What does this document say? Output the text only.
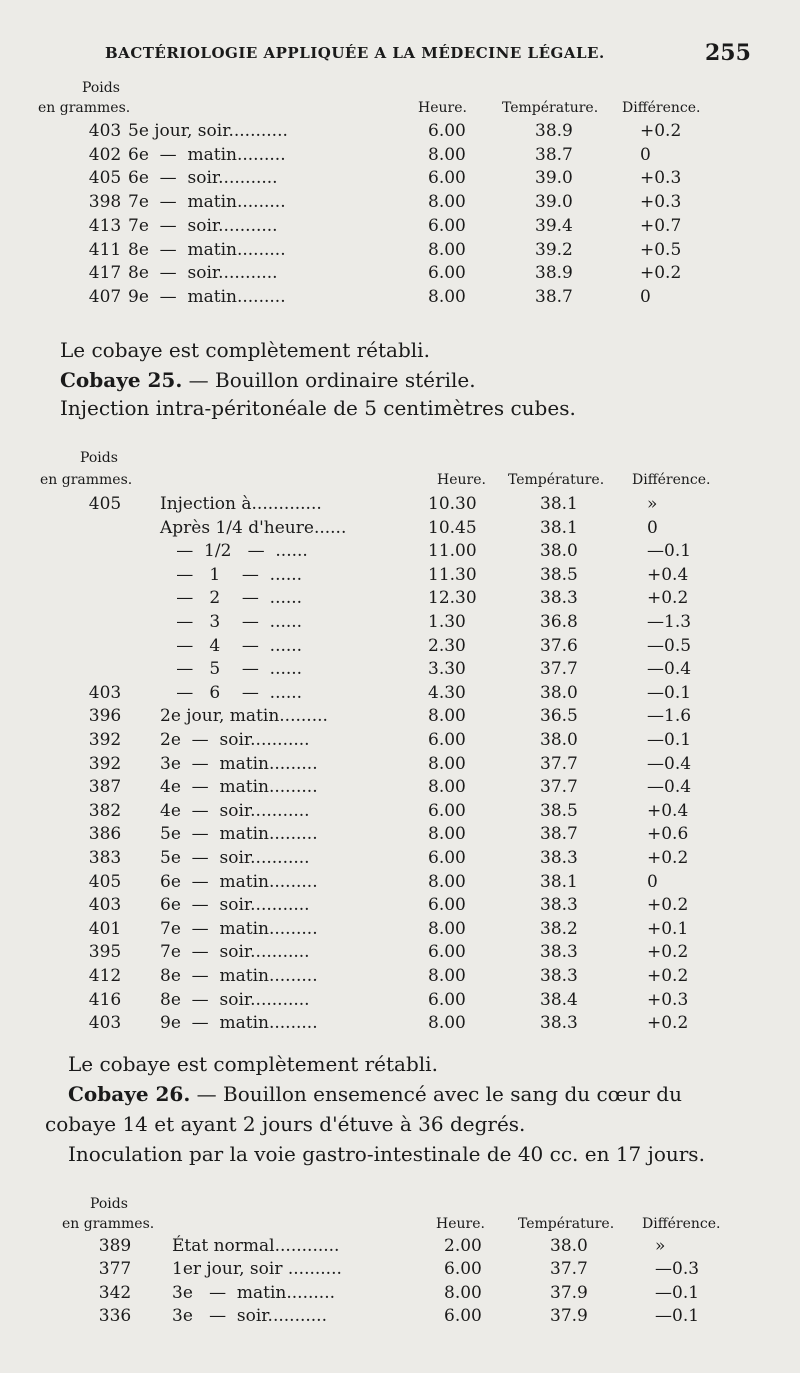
BACTÉRIOLOGIE APPLIQUÉE A LA MÉDECINE LÉGALE.	255
Poids
en grammes.	Heure.	Température. Différence.
403 5e jour, soir...........	6.00	38.9	+0.2
402 6e  —  matin.........	8.00	38.7	0
405 6e  —  soir...........	6.00	39.0	+0.3
398 7e  —  matin.........	8.00	39.0	+0.3
413 7e  —  soir...........	6.00	39.4	+0.7
411 8e  —  matin.........	8.00	39.2	+0.5
417 8e  —  soir...........	6.00	38.9	+0.2
407 9e  —  matin.........	8.00	38.7	0
Le cobaye est complètement rétabli.
Cobaye 25. — Bouillon ordinaire stérile.
Injection intra-péritonéale de 5 centimètres cubes.
Poids
en grammes.	Heure. Température. Différence.
405	Injection à.............	10.30	38.1	»
Après 1/4 d'heure......	10.45	38.1	0
—  1/2   —  ......	11.00	38.0	—0.1
—   1    —  ......	11.30	38.5	+0.4
—   2    —  ......	12.30	38.3	+0.2
—   3    —  ......	1.30	36.8	—1.3
—   4    —  ......	2.30	37.6	—0.5
—   5    —  ......	3.30	37.7	—0.4
403	—   6    —  ......	4.30	38.0	—0.1
396	2e jour, matin.........	8.00	36.5	—1.6
392	2e  —  soir...........	6.00	38.0	—0.1
392	3e  —  matin.........	8.00	37.7	—0.4
387	4e  —  matin.........	8.00	37.7	—0.4
382	4e  —  soir...........	6.00	38.5	+0.4
386	5e  —  matin.........	8.00	38.7	+0.6
383	5e  —  soir...........	6.00	38.3	+0.2
405	6e  —  matin.........	8.00	38.1	0
403	6e  —  soir...........	6.00	38.3	+0.2
401	7e  —  matin.........	8.00	38.2	+0.1
395	7e  —  soir...........	6.00	38.3	+0.2
412	8e  —  matin.........	8.00	38.3	+0.2
416	8e  —  soir...........	6.00	38.4	+0.3
403	9e  —  matin.........	8.00	38.3	+0.2
Le cobaye est complètement rétabli.
Cobaye 26. — Bouillon ensemencé avec le sang du cœur du
cobaye 14 et ayant 2 jours d'étuve à 36 degrés.
Inoculation par la voie gastro-intestinale de 40 cc. en 17 jours.
Poids
en grammes.	Heure. Température. Différence.
389	État normal............	2.00	38.0	»
377	1er jour, soir ..........	6.00	37.7	—0.3
342	3e   —  matin.........	8.00	37.9	—0.1
336	3e   —  soir...........	6.00	37.9	—0.1
